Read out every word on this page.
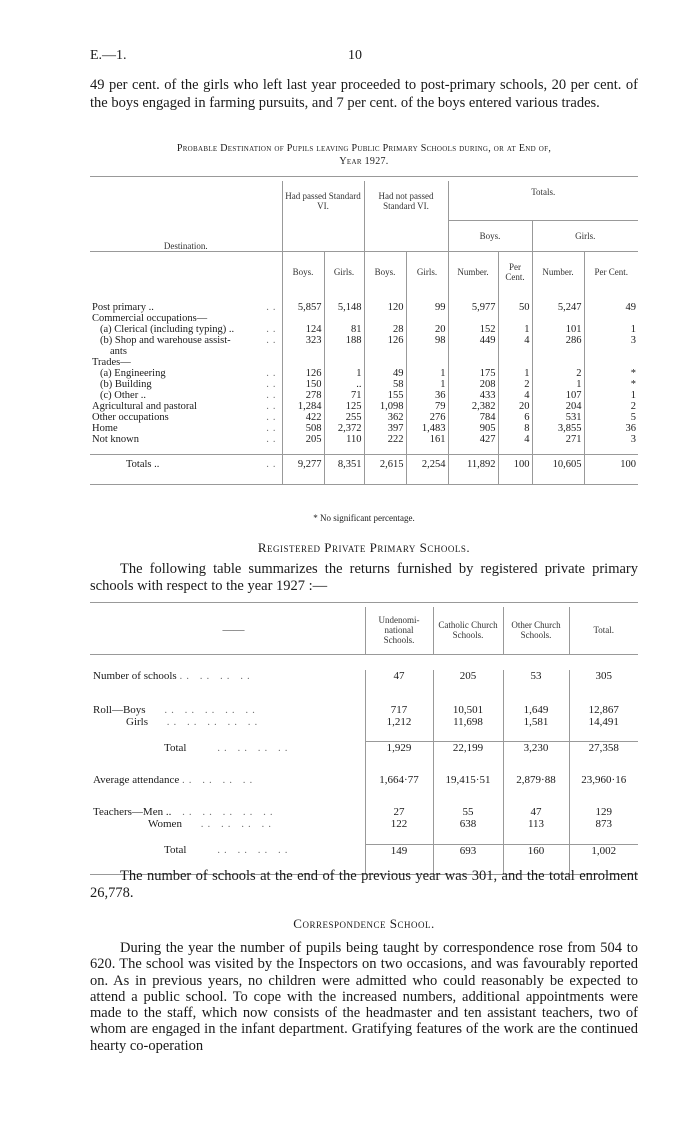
E.—1.	10
49 per cent. of the girls who left last year proceeded to post-primary schools, 20 per cent. of the boys engaged in farming pursuits, and 7 per cent. of the boys entered various trades.
Probable Destination of Pupils leaving Public Primary Schools during, or at End of,
Year 1927.

Destination.	Had passed Standard VI.		Had not passed Standard VI.		Totals.			
					Boys.		Girls.	
	Boys.	Girls.	Boys.	Girls.	Number.	Per Cent.	Number.	Per Cent.

Post primary .. ..	5,857	5,148	120	99	5,977	50	5,247	49
Commercial occupations—								
(a) Clerical (including typing) .. ..	124	81	28	20	152	1	101	1
(b) Shop and warehouse assist- ..	323	188	126	98	449	4	286	3
ants								
Trades—								
(a) Engineering ..	126	1	49	1	175	1	2	*
(b) Building ..	150	..	58	1	208	2	1	*
(c) Other .. ..	278	71	155	36	433	4	107	1
Agricultural and pastoral ..	1,284	125	1,098	79	2,382	20	204	2
Other occupations ..	422	255	362	276	784	6	531	5
Home ..	508	2,372	397	1,483	905	8	3,855	36
Not known ..	205	110	222	161	427	4	271	3

Totals .. ..	9,277	8,351	2,615	2,254	11,892	100	10,605	100

* No significant percentage.
Registered Private Primary Schools.
The following table summarizes the returns furnished by registered private primary schools with respect to the year 1927 :—

——	Undenomi-national Schools.	Catholic Church Schools.	Other Church Schools.	Total.

Number of schools .. .. .. ..	47	205	53	305

Roll—Boys .. .. .. .. ..	717	10,501	1,649	12,867
Girls .. .. .. .. ..	1,212	11,698	1,581	14,491

Total .. .. .. ..	1,929	22,199	3,230	27,358

Average attendance .. .. .. ..	1,664·77	19,415·51	2,879·88	23,960·16

Teachers—Men .. .. .. .. .. ..	27	55	47	129
Women .. .. .. ..	122	638	113	873

Total .. .. .. ..	149	693	160	1,002

The number of schools at the end of the previous year was 301, and the total enrolment 26,778.
Correspondence School.
During the year the number of pupils being taught by correspondence rose from 504 to 620. The school was visited by the Inspectors on two occasions, and was favourably reported on. As in previous years, no children were admitted who could reasonably be expected to attend a public school. To cope with the increased numbers, additional appointments were made to the staff, which now consists of the headmaster and ten assistant teachers, two of whom are engaged in the infant department. Gratifying features of the work are the continued hearty co-operation
